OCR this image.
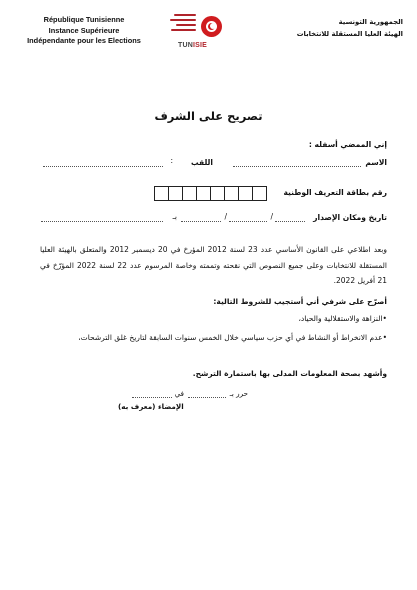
République Tunisienne
Instance Supérieure
Indépendante pour les Elections
TUNISIE
الجمهورية التونسية
الهيئة العليا المستقلة للانتخابات
تصريح على الشرف
إني الممضي أسفله :
الاسم
اللقب
:
رقم بطاقة التعريف الوطنية
تاريخ ومكان الإصدار
/
/
بـ
وبعد اطلاعي على القانون الأساسي عدد 23 لسنة 2012 المؤرخ في 20 ديسمبر 2012 والمتعلق بالهيئة العليا المستقلة للانتخابات وعلى جميع النصوص التي نقحته وتممته وخاصة المرسوم عدد 22 لسنة 2022 المؤرّخ في 21 أفريل 2022.
أصرّح على شرفي أني أستجيب للشروط التالية:
•النزاهة والاستقلالية والحياد،
•عدم الانخراط أو النشاط في أي حزب سياسي خلال الخمس سنوات السابقة لتاريخ غلق الترشحات،
وأشهد بصحة المعلومات المدلى بها باستمارة الترشح.
حرر بـ
في
الإمضاء (معرف به)
